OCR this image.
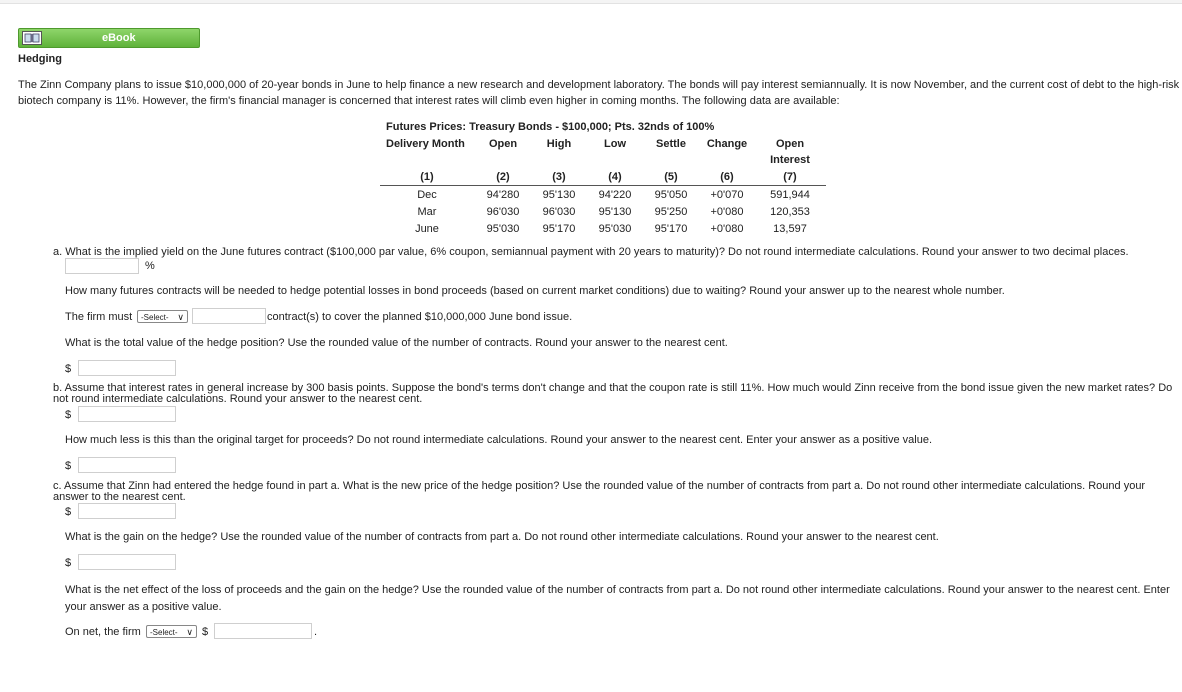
eBook
Hedging
The Zinn Company plans to issue $10,000,000 of 20-year bonds in June to help finance a new research and development laboratory. The bonds will pay interest semiannually. It is now November, and the current cost of debt to the high-risk biotech company is 11%. However, the firm's financial manager is concerned that interest rates will climb even higher in coming months. The following data are available:
Futures Prices: Treasury Bonds - $100,000; Pts. 32nds of 100%
Delivery Month	Open	High	Low	Settle	Change	Open
Interest
(1)	(2)	(3)	(4)	(5)	(6)	(7)
Dec	94'280	95'130	94'220	95'050	+0'070	591,944
Mar	96'030	96'030	95'130	95'250	+0'080	120,353
June	95'030	95'170	95'030	95'170	+0'080	13,597
a. What is the implied yield on the June futures contract ($100,000 par value, 6% coupon, semiannual payment with 20 years to maturity)? Do not round intermediate calculations. Round your answer to two decimal places.
%
How many futures contracts will be needed to hedge potential losses in bond proceeds (based on current market conditions) due to waiting? Round your answer up to the nearest whole number.
The firm must	-Select- ∨	contract(s) to cover the planned $10,000,000 June bond issue.
What is the total value of the hedge position? Use the rounded value of the number of contracts. Round your answer to the nearest cent.
$
b. Assume that interest rates in general increase by 300 basis points. Suppose the bond's terms don't change and that the coupon rate is still 11%. How much would Zinn receive from the bond issue given the new market rates? Do not round intermediate calculations. Round your answer to the nearest cent.
$
How much less is this than the original target for proceeds? Do not round intermediate calculations. Round your answer to the nearest cent. Enter your answer as a positive value.
$
c. Assume that Zinn had entered the hedge found in part a. What is the new price of the hedge position? Use the rounded value of the number of contracts from part a. Do not round other intermediate calculations. Round your answer to the nearest cent.
$
What is the gain on the hedge? Use the rounded value of the number of contracts from part a. Do not round other intermediate calculations. Round your answer to the nearest cent.
$
What is the net effect of the loss of proceeds and the gain on the hedge? Use the rounded value of the number of contracts from part a. Do not round other intermediate calculations. Round your answer to the nearest cent. Enter your answer as a positive value.
On net, the firm	-Select- ∨ $	.
